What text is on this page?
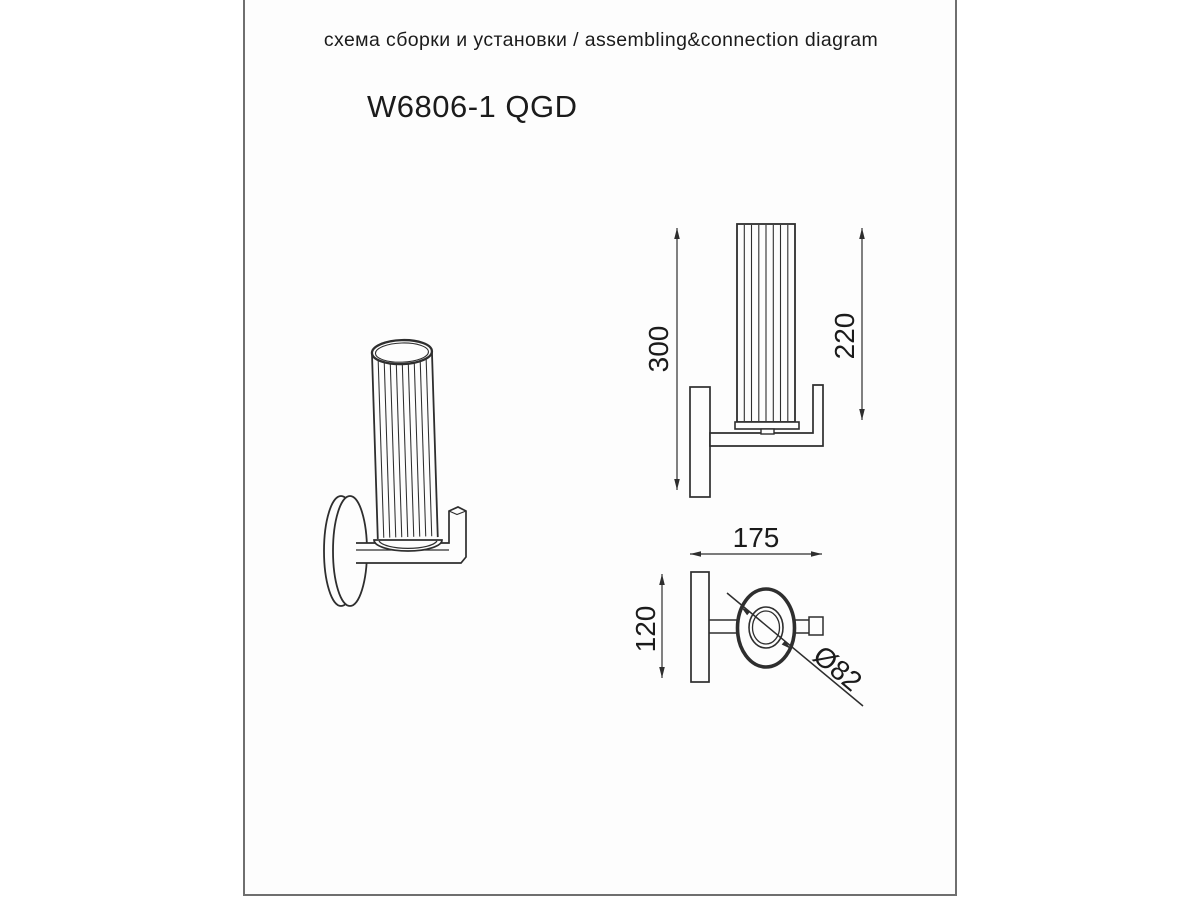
схема сборки и установки / assembling&connection diagram
W6806-1 QGD
300	220
Ø82
175
120
